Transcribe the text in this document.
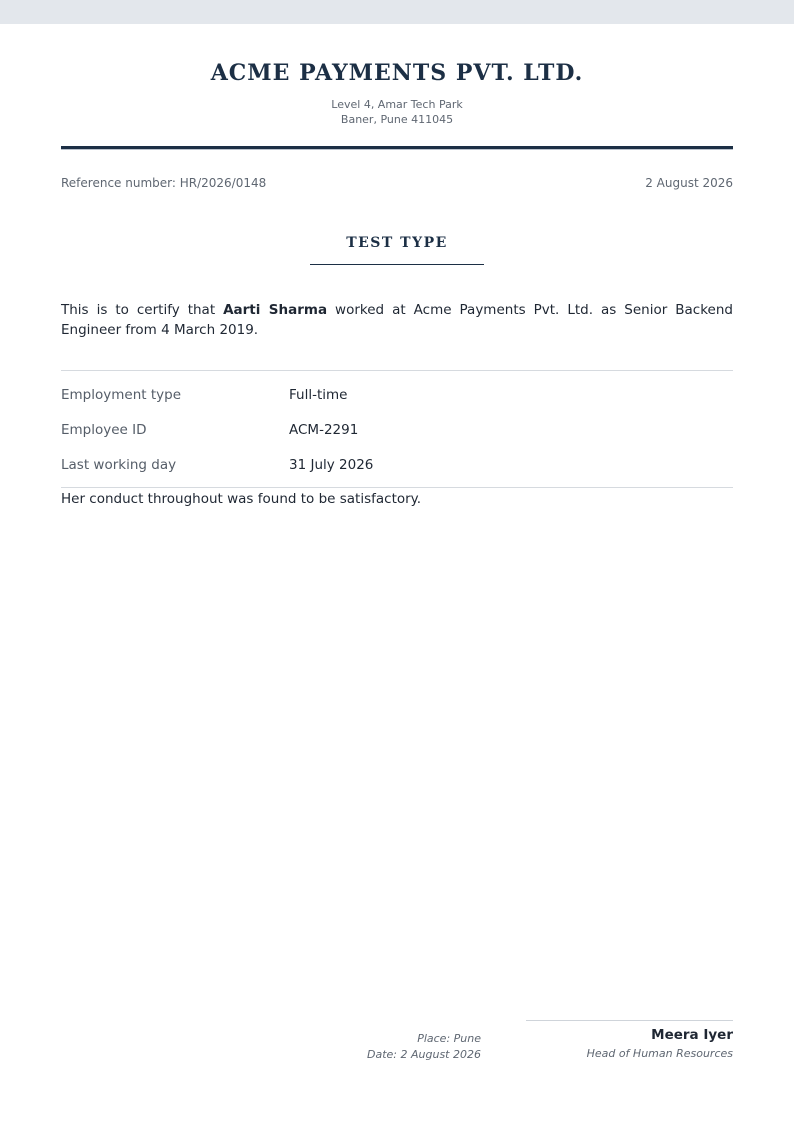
ACME PAYMENTS PVT. LTD.
Level 4, Amar Tech Park
Baner, Pune 411045
Reference number: HR/2026/0148	2 August 2026
TEST TYPE
This is to certify that Aarti Sharma worked at Acme Payments Pvt. Ltd. as Senior Backend Engineer from 4 March 2019.
Employment type	Full-time
Employee ID	ACM-2291
Last working day	31 July 2026
Her conduct throughout was found to be satisfactory.
Place: Pune
Date: 2 August 2026
Meera Iyer
Head of Human Resources
